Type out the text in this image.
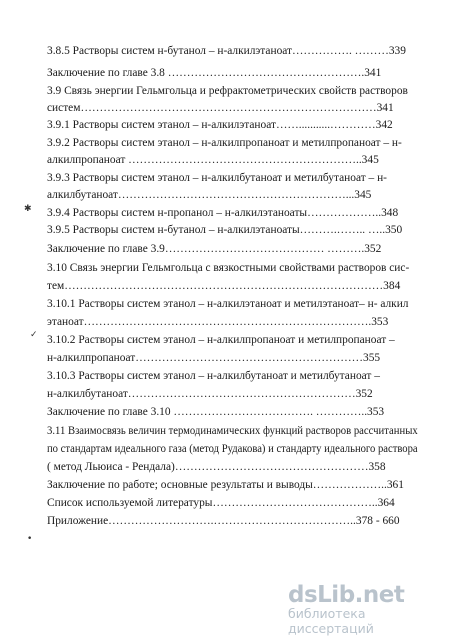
3.8.5 Растворы систем н-бутанол – н-алкилэтаноат……………. ………339
Заключение по главе 3.8 …………………………………………….341
3.9 Связь энергии Гельмгольца и рефрактометрических свойств растворов
систем……………………………………………………………………341
3.9.1 Растворы систем этанол – н-алкилэтаноат……...........…………342
3.9.2 Растворы систем этанол – н-алкилпропаноат и метилпропаноат – н-
алкилпропаноат ……………………………………………………..345
3.9.3 Растворы систем этанол – н-алкилбутаноат и метилбутаноат – н-
алкилбутаноат……………………………………………………...345
3.9.4 Растворы систем н-пропанол – н-алкилэтаноаты………………..348
3.9.5 Растворы систем н-бутанол – н-алкилэтаноаты……….…….. …..350
Заключение по главе 3.9…………………………………… ……….352
3.10 Связь энергии Гельмгольца с вязкостными свойствами растворов сис-
тем…………………………………………………………………………384
3.10.1 Растворы систем этанол – н-алкилэтаноат и метилэтаноат– н- алкил
этаноат………………………………………………………………….353
3.10.2 Растворы систем этанол – н-алкилпропаноат и метилпропаноат –
н-алкилпропаноат……………………………………………………355
3.10.3 Растворы систем этанол – н-алкилбутаноат и метилбутаноат –
н-алкилбутаноат……………………………………………………352
Заключение по главе 3.10 ………………………………. …………..353
3.11 Взаимосвязь величин термодинамических функций растворов рассчитанных
по стандартам идеального газа (метод Рудакова) и стандарту идеального раствора
( метод Льюиса - Рендала)……………………………………………358
Заключение по работе; основные результаты и выводы………………..361
Список используемой литературы……………………………………..364
Приложение……………………….………………………………..378 - 660
✱
✓
•
dsLib.net
библиотека диссертаций
